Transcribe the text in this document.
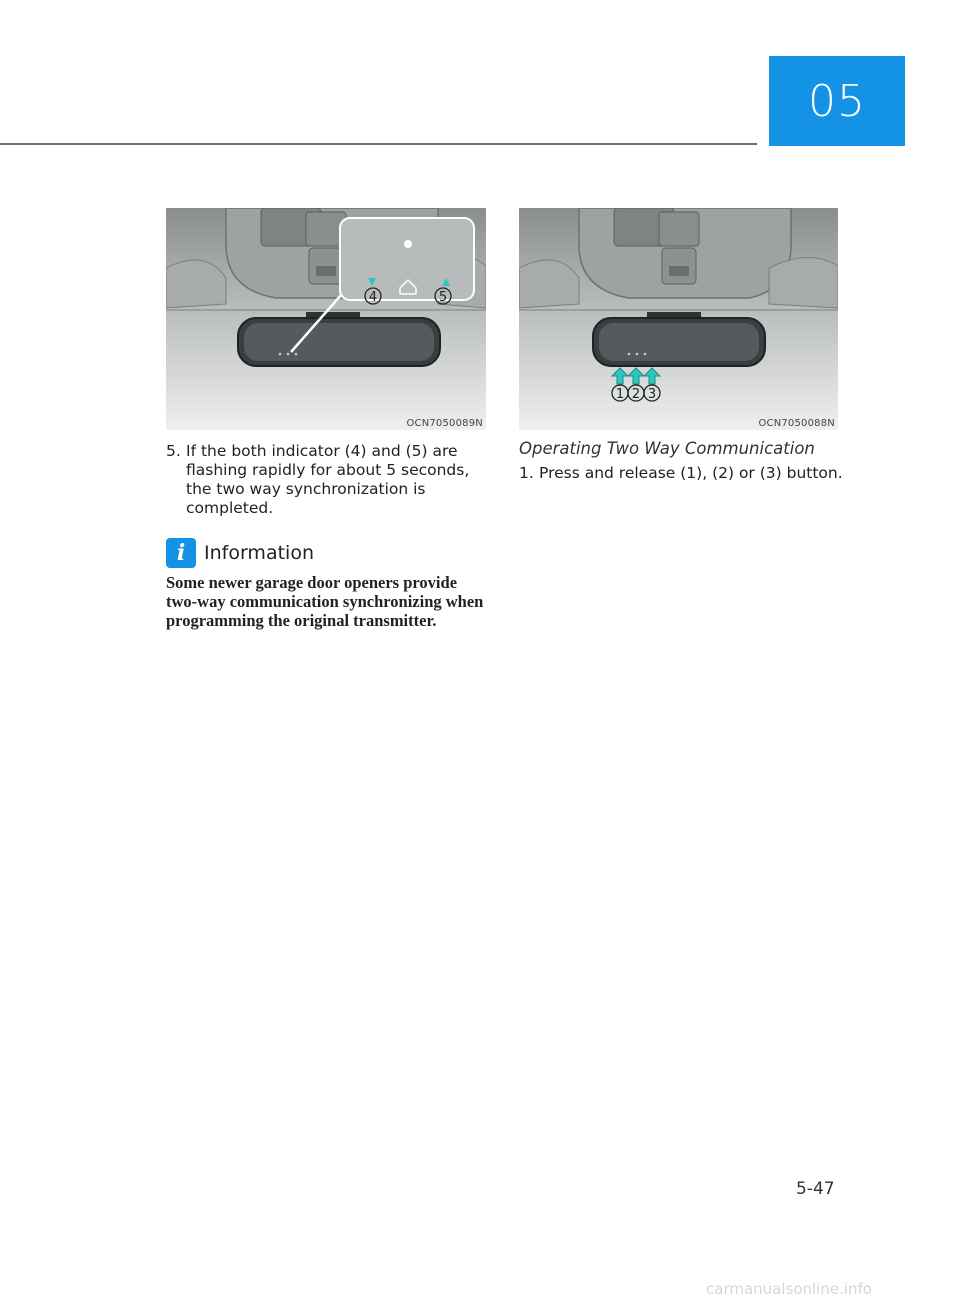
05
4	5
OCN7050089N
1 2 3
OCN7050088N
5. If the both indicator (4) and (5) are flashing rapidly for about 5 seconds, the two way synchronization is completed.
i Information
Some newer garage door openers provide two-way communication synchronizing when programming the original transmitter.
Operating Two Way Communication
1. Press and release (1), (2) or (3) button.
5-47
carmanualsonline.info
